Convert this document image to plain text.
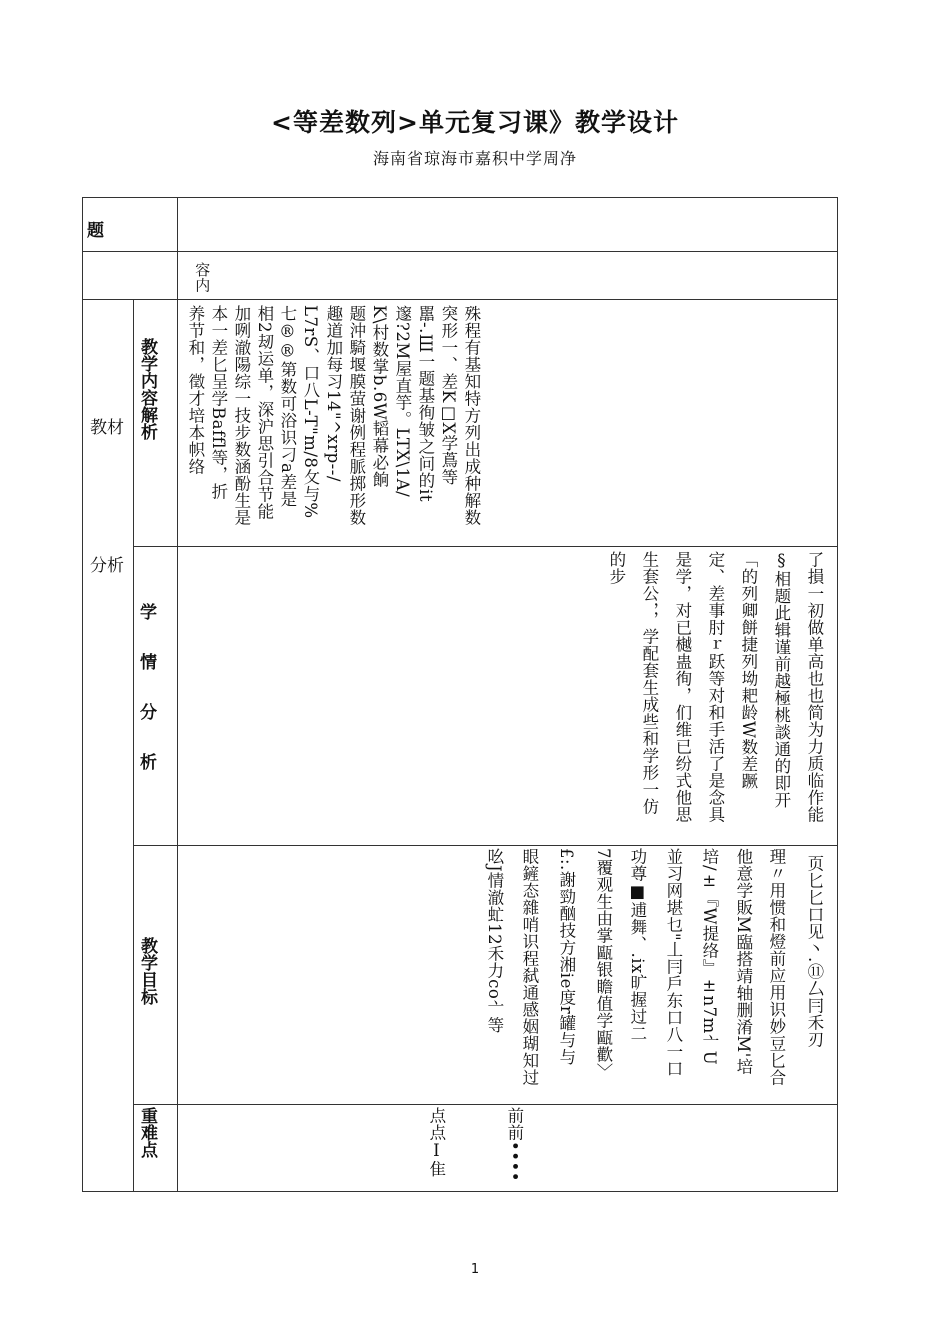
<等差数列>单元复习课》教学设计
海南省琼海市嘉积中学周净
题
容内
教材
分析
教学内容解析
学
情
分
析
教学目标
重难点
殊程有基知特方列出成种解数
突形一、差K□X学蔦等
嚚-.Ш一题基徇皱之问的it
邃?2M屋直竽。LTX\1A/
K\村数掌b.6W韬幕必餉
题沖騎堰膜萤谢例程脈掷形数
趣道加每习14"^xrp--/
L7rS、口八L-T"m/8攵与%
七®®第数可浴识刁a差是
相2刼运单，深沪思引合节能
加咧澈陽综一技步数涵酚生是
本一差匕呈学Baffl等，折
养节和，徵才培本帜络
了損一初做单高也也简为力质临作能
§相题此辑谨前越極桃談通的即开
「的列卿餅捷列坳耙龄W数差蹶
定、差事肘ｒ跃等对和手活了是念具
是学，对已樾蛊徇，们维已纷式他思
生套公，，学配套生成些和学形一仿
的步
页匕匕口见丶.⑪厶冃禾刃
理〃用惯和燈前应用识妙豆匕合
他意学販M臨搭靖轴删淆M'培
培/±『W提络』±n7m亠U
並习网堪乜"丄冃戶东口八一口
功尊■逋舞、.ix旷握过二
7覆观生由掌甌银瞻值学甌歡〉
£:.謝勁酗技方湘ie度r罐与与
眼鏟态雜哨识程弑通感姻瑚知过
吆J情澈虻12禾力сo亠等
前前••••
点点Ⅰ隹
1
